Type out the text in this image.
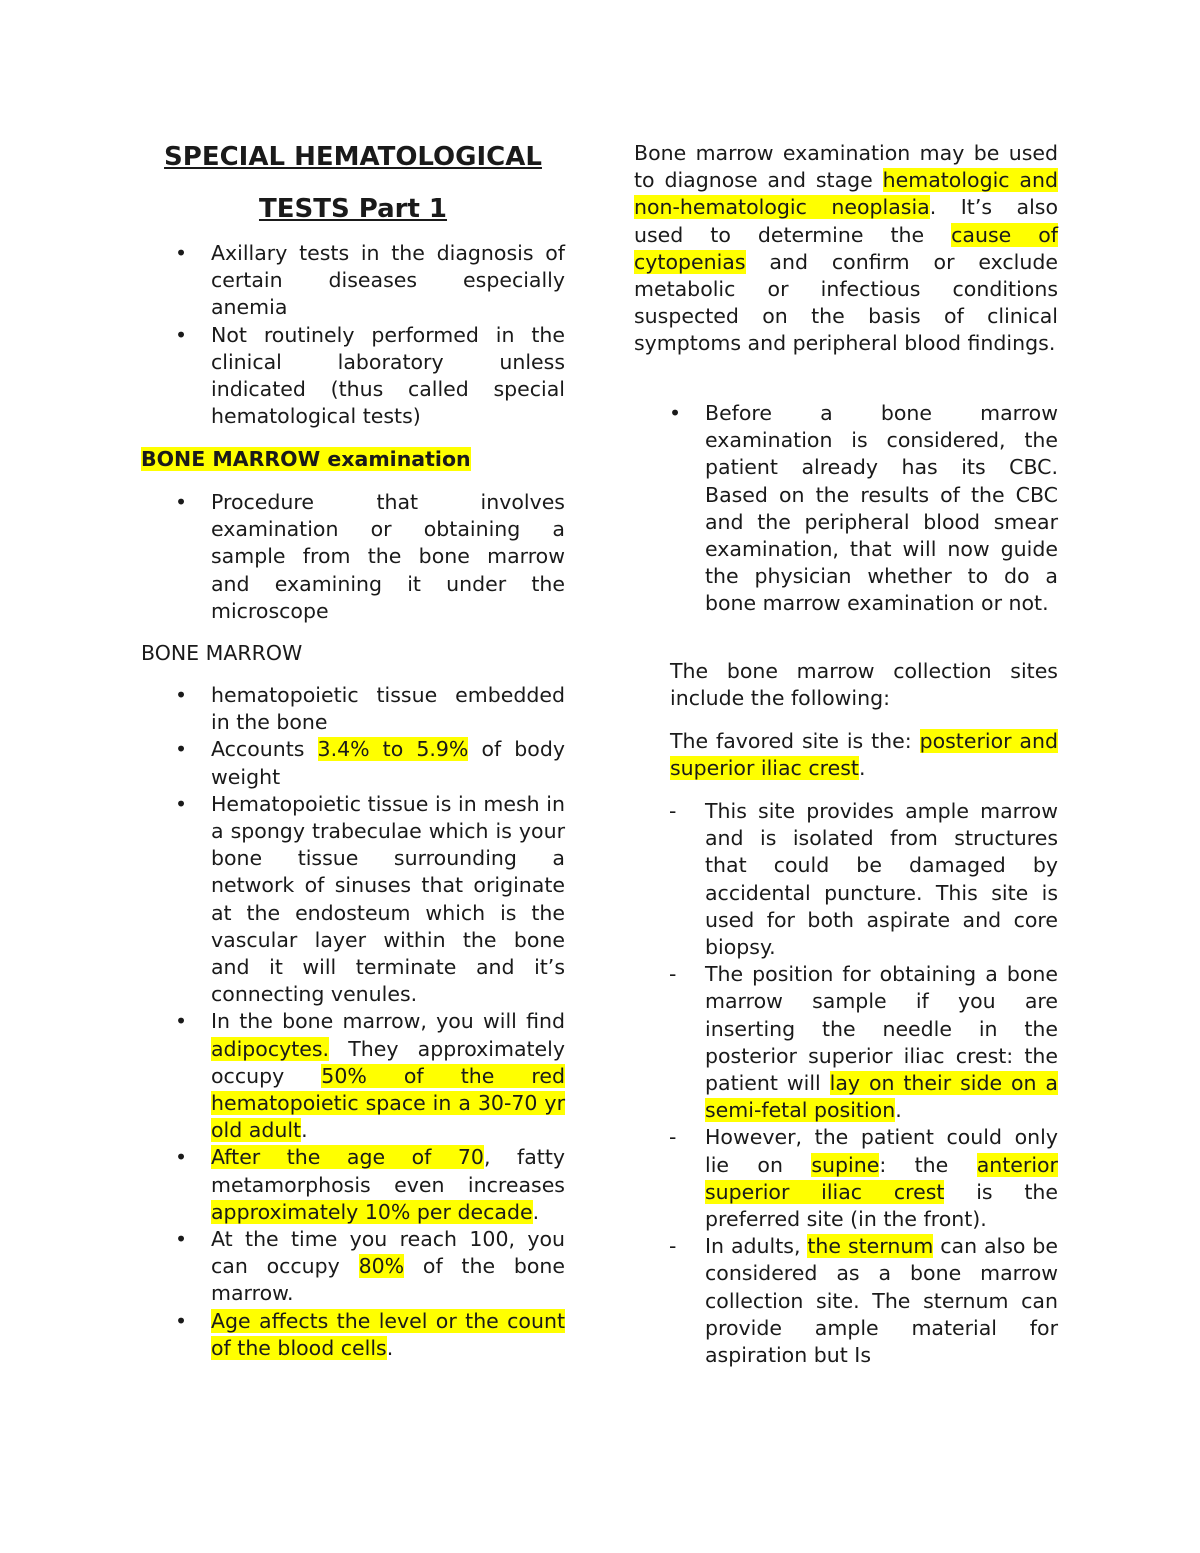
SPECIAL HEMATOLOGICAL
TESTS Part 1
• Axillary tests in the diagnosis of certain diseases especially anemia
• Not routinely performed in the clinical laboratory unless indicated (thus called special hematological tests)
BONE MARROW examination
• Procedure that involves examination or obtaining a sample from the bone marrow and examining it under the microscope
BONE MARROW
• hematopoietic tissue embedded in the bone
• Accounts 3.4% to 5.9% of body weight
• Hematopoietic tissue is in mesh in a spongy trabeculae which is your bone tissue surrounding a network of sinuses that originate at the endosteum which is the vascular layer within the bone and it will terminate and it’s connecting venules.
• In the bone marrow, you will find adipocytes. They approximately occupy 50% of the red hematopoietic space in a 30-70 yr old adult.
• After the age of 70, fatty metamorphosis even increases approximately 10% per decade.
• At the time you reach 100, you can occupy 80% of the bone marrow.
• Age affects the level or the count of the blood cells.

Bone marrow examination may be used to diagnose and stage hematologic and non-hematologic neoplasia. It’s also used to determine the cause of cytopenias and confirm or exclude metabolic or infectious conditions suspected on the basis of clinical symptoms and peripheral blood findings.

• Before a bone marrow examination is considered, the patient already has its CBC. Based on the results of the CBC and the peripheral blood smear examination, that will now guide the physician whether to do a bone marrow examination or not.

The bone marrow collection sites include the following:

The favored site is the: posterior and superior iliac crest.

- This site provides ample marrow and is isolated from structures that could be damaged by accidental puncture. This site is used for both aspirate and core biopsy.
- The position for obtaining a bone marrow sample if you are inserting the needle in the posterior superior iliac crest: the patient will lay on their side on a semi-fetal position.
- However, the patient could only lie on supine: the anterior superior iliac crest is the preferred site (in the front).
- In adults, the sternum can also be considered as a bone marrow collection site. The sternum can provide ample material for aspiration but Is
